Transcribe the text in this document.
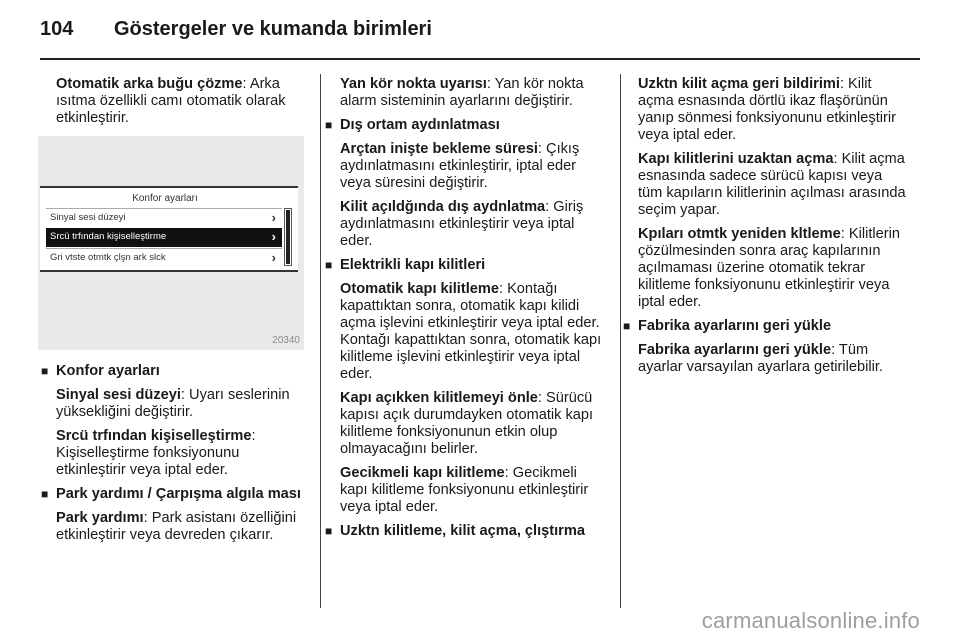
104	Göstergeler ve kumanda birimleri

Otomatik arka buğu çözme: Arka ısıtma özellikli camı otomatik olarak etkinleştirir.

Konfor ayarları
Sinyal sesi düzeyi	›
Srcü trfından kişiselleştirme	›
Gri vtste otmtk çlşn ark slck	›
20340
■ Konfor ayarları

Sinyal sesi düzeyi: Uyarı seslerinin yüksekliğini değiştirir.

Srcü trfından kişiselleştirme: Kişiselleştirme fonksiyonunu etkinleştirir veya iptal eder.

■ Park yardımı / Çarpışma algıla ması

Park yardımı: Park asistanı özelliğini etkinleştirir veya devreden çıkarır.

Yan kör nokta uyarısı: Yan kör nokta alarm sisteminin ayarlarını değiştirir.

■ Dış ortam aydınlatması

Arçtan inişte bekleme süresi: Çıkış aydınlatmasını etkinleştirir, iptal eder veya süresini değiştirir.

Kilit açıldğında dış aydnlatma: Giriş aydınlatmasını etkinleştirir veya iptal eder.

■ Elektrikli kapı kilitleri

Otomatik kapı kilitleme: Kontağı kapattıktan sonra, otomatik kapı kilidi açma işlevini etkinleştirir veya iptal eder. Kontağı kapattıktan sonra, otomatik kapı kilitleme işlevini etkinleştirir veya iptal eder.

Kapı açıkken kilitlemeyi önle: Sürücü kapısı açık durumdayken otomatik kapı kilitleme fonksiyonunun etkin olup olmayacağını belirler.

Gecikmeli kapı kilitleme: Gecikmeli kapı kilitleme fonksiyonunu etkinleştirir veya iptal eder.

■ Uzktn kilitleme, kilit açma, çlıştırma

Uzktn kilit açma geri bildirimi: Kilit açma esnasında dörtlü ikaz flaşörünün yanıp sönmesi fonksiyonunu etkinleştirir veya iptal eder.

Kapı kilitlerini uzaktan açma: Kilit açma esnasında sadece sürücü kapısı veya tüm kapıların kilitlerinin açılması arasında seçim yapar.

Kpıları otmtk yeniden kltleme: Kilitlerin çözülmesinden sonra araç kapılarının açılmaması üzerine otomatik tekrar kilitleme fonksiyonunu etkinleştirir veya iptal eder.

■ Fabrika ayarlarını geri yükle

Fabrika ayarlarını geri yükle: Tüm ayarlar varsayılan ayarlara getirilebilir.

carmanualsonline.info
